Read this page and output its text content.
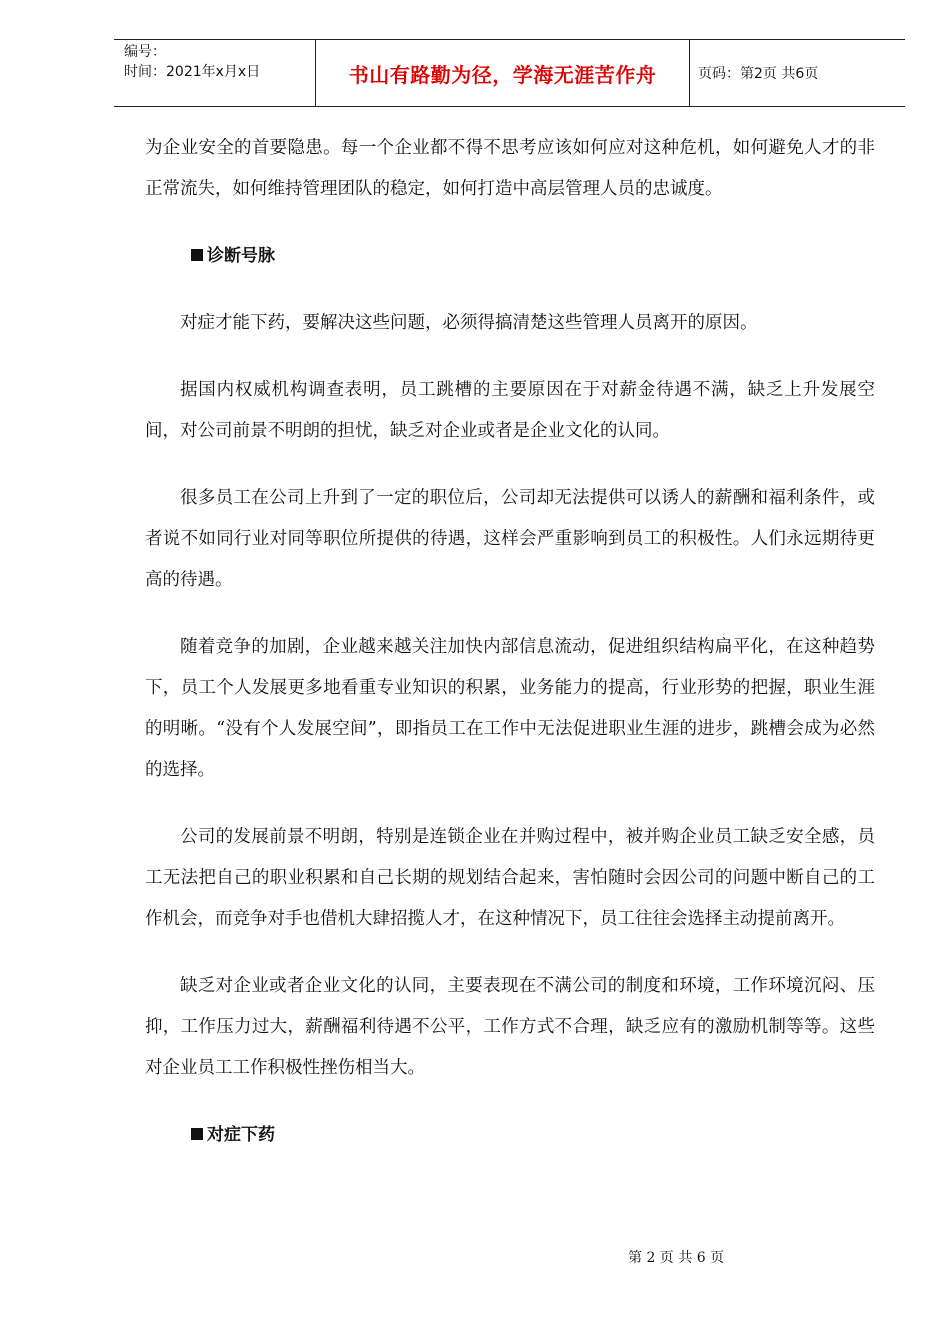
编号：
时间：2021年x月x日	书山有路勤为径，学海无涯苦作舟	页码：第2页 共6页

为企业安全的首要隐患。每一个企业都不得不思考应该如何应对这种危机，如何避免人才的非正常流失，如何维持管理团队的稳定，如何打造中高层管理人员的忠诚度。

诊断号脉

对症才能下药，要解决这些问题，必须得搞清楚这些管理人员离开的原因。

据国内权威机构调查表明，员工跳槽的主要原因在于对薪金待遇不满，缺乏上升发展空间，对公司前景不明朗的担忧，缺乏对企业或者是企业文化的认同。

很多员工在公司上升到了一定的职位后，公司却无法提供可以诱人的薪酬和福利条件，或者说不如同行业对同等职位所提供的待遇，这样会严重影响到员工的积极性。人们永远期待更高的待遇。

随着竞争的加剧，企业越来越关注加快内部信息流动，促进组织结构扁平化，在这种趋势下，员工个人发展更多地看重专业知识的积累，业务能力的提高，行业形势的把握，职业生涯的明晰。“没有个人发展空间”，即指员工在工作中无法促进职业生涯的进步，跳槽会成为必然的选择。

公司的发展前景不明朗，特别是连锁企业在并购过程中，被并购企业员工缺乏安全感，员工无法把自己的职业积累和自己长期的规划结合起来，害怕随时会因公司的问题中断自己的工作机会，而竞争对手也借机大肆招揽人才，在这种情况下，员工往往会选择主动提前离开。

缺乏对企业或者企业文化的认同，主要表现在不满公司的制度和环境，工作环境沉闷、压抑，工作压力过大，薪酬福利待遇不公平，工作方式不合理，缺乏应有的激励机制等等。这些对企业员工工作积极性挫伤相当大。

对症下药
第 2 页 共 6 页
